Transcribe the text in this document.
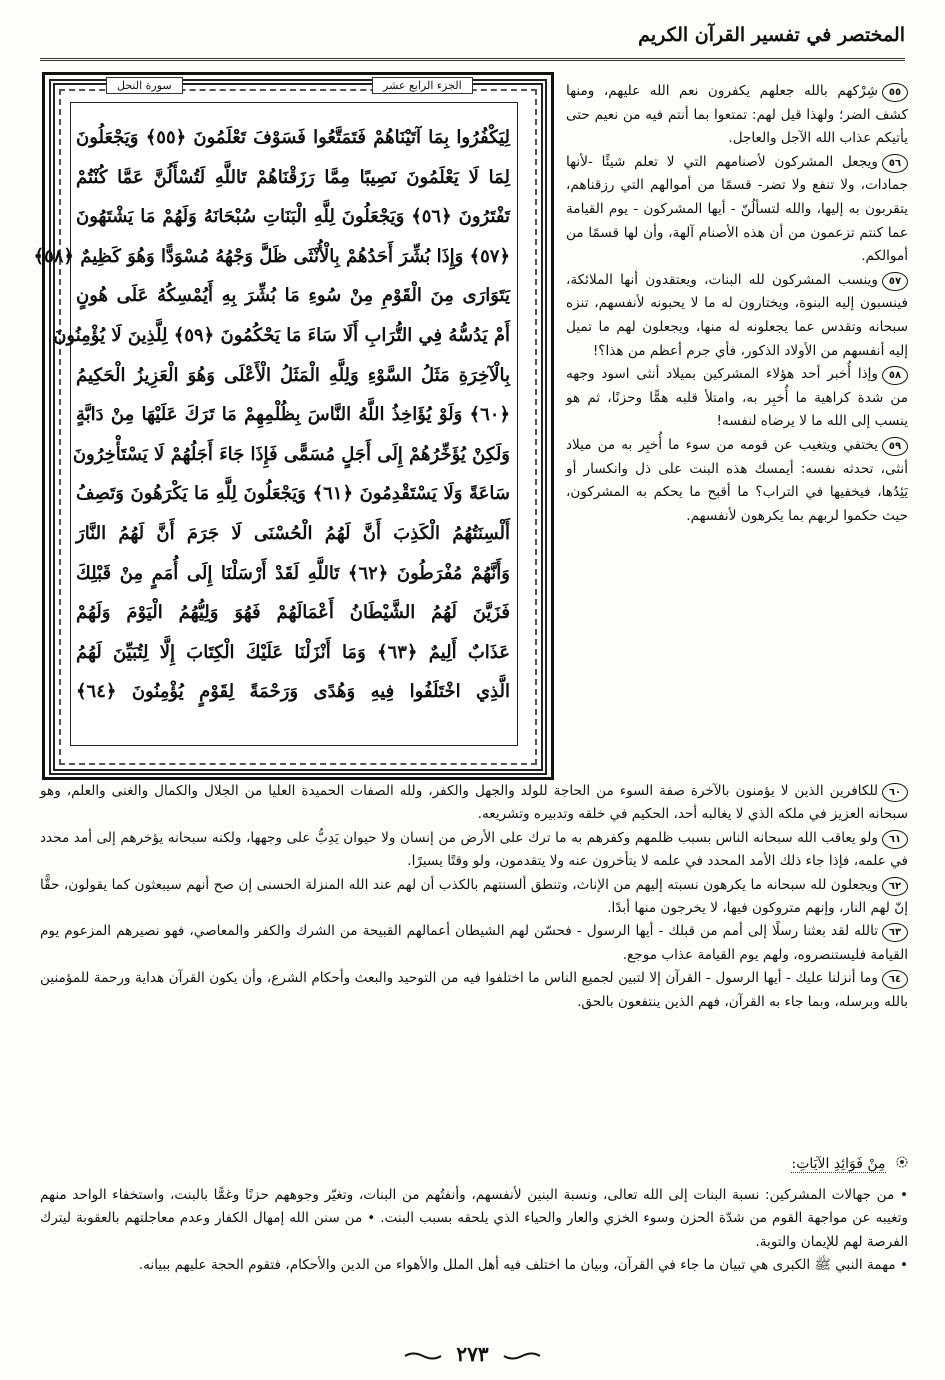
المختصر في تفسير القرآن الكريم
الجزء الرابع عشر
سورة النحل
لِيَكْفُرُوا بِمَا آتَيْنَاهُمْ فَتَمَتَّعُوا فَسَوْفَ تَعْلَمُونَ ﴿٥٥﴾ وَيَجْعَلُونَ
لِمَا لَا يَعْلَمُونَ نَصِيبًا مِمَّا رَزَقْنَاهُمْ تَاللَّهِ لَتُسْأَلُنَّ عَمَّا كُنْتُمْ
تَفْتَرُونَ ﴿٥٦﴾ وَيَجْعَلُونَ لِلَّهِ الْبَنَاتِ سُبْحَانَهُ وَلَهُمْ مَا يَشْتَهُونَ
﴿٥٧﴾ وَإِذَا بُشِّرَ أَحَدُهُمْ بِالْأُنْثَى ظَلَّ وَجْهُهُ مُسْوَدًّا وَهُوَ كَظِيمٌ ﴿٥٨﴾
يَتَوَارَى مِنَ الْقَوْمِ مِنْ سُوءِ مَا بُشِّرَ بِهِ أَيُمْسِكُهُ عَلَى هُونٍ
أَمْ يَدُسُّهُ فِي التُّرَابِ أَلَا سَاءَ مَا يَحْكُمُونَ ﴿٥٩﴾ لِلَّذِينَ لَا يُؤْمِنُونَ
بِالْآخِرَةِ مَثَلُ السَّوْءِ وَلِلَّهِ الْمَثَلُ الْأَعْلَى وَهُوَ الْعَزِيزُ الْحَكِيمُ
﴿٦٠﴾ وَلَوْ يُؤَاخِذُ اللَّهُ النَّاسَ بِظُلْمِهِمْ مَا تَرَكَ عَلَيْهَا مِنْ دَابَّةٍ
وَلَكِنْ يُؤَخِّرُهُمْ إِلَى أَجَلٍ مُسَمًّى فَإِذَا جَاءَ أَجَلُهُمْ لَا يَسْتَأْخِرُونَ
سَاعَةً وَلَا يَسْتَقْدِمُونَ ﴿٦١﴾ وَيَجْعَلُونَ لِلَّهِ مَا يَكْرَهُونَ وَتَصِفُ
أَلْسِنَتُهُمُ الْكَذِبَ أَنَّ لَهُمُ الْحُسْنَى لَا جَرَمَ أَنَّ لَهُمُ النَّارَ
وَأَنَّهُمْ مُفْرَطُونَ ﴿٦٢﴾ تَاللَّهِ لَقَدْ أَرْسَلْنَا إِلَى أُمَمٍ مِنْ قَبْلِكَ
فَزَيَّنَ لَهُمُ الشَّيْطَانُ أَعْمَالَهُمْ فَهُوَ وَلِيُّهُمُ الْيَوْمَ وَلَهُمْ
عَذَابٌ أَلِيمٌ ﴿٦٣﴾ وَمَا أَنْزَلْنَا عَلَيْكَ الْكِتَابَ إِلَّا لِتُبَيِّنَ لَهُمُ
الَّذِي اخْتَلَفُوا فِيهِ وَهُدًى وَرَحْمَةً لِقَوْمٍ يُؤْمِنُونَ ﴿٦٤﴾

٥٥شِرْكهم بالله جعلهم يكفرون نعم الله عليهم، ومنها كشف الضر؛ ولهذا قيل لهم: تمتعوا بما أنتم فيه من نعيم حتى يأتيكم عذاب الله الآجل والعاجل.

٥٦ويجعل المشركون لأصنامهم التي لا تعلم شيئًا -لأنها جمادات، ولا تنفع ولا تضر- قسمًا من أموالهم التي رزقناهم، يتقربون به إليها، والله لتسألُنّ - أيها المشركون - يوم القيامة عما كنتم تزعمون من أن هذه الأصنام آلهة، وأن لها قسمًا من أموالكم.

٥٧وينسب المشركون لله البنات، ويعتقدون أنها الملائكة، فينسبون إليه البنوة، ويختارون له ما لا يحبونه لأنفسهم، تنزه سبحانه وتقدس عما يجعلونه له منها، ويجعلون لهم ما تميل إليه أنفسهم من الأولاد الذكور، فأي جرم أعظم من هذا؟!

٥٨وإذا أُخبر أحد هؤلاء المشركين بميلاد أنثى اسود وجهه من شدة كراهية ما أُخبِر به، وامتلأ قلبه همًّا وحزنًا، ثم هو ينسب إلى الله ما لا يرضاه لنفسه!

٥٩يختفي ويتغيب عن قومه من سوء ما أُخبِر به من ميلاد أنثى، تحدثه نفسه: أيمسك هذه البنت على ذل وانكسار أو يَئِدُها، فيخفيها في التراب؟ ما أقبح ما يحكم به المشركون، حيث حكموا لربهم بما يكرهون لأنفسهم.

٦٠للكافرين الذين لا يؤمنون بالآخرة صفة السوء من الحاجة للولد والجهل والكفر، ولله الصفات الحميدة العليا من الجلال والكمال والغنى والعلم، وهو سبحانه العزيز في ملكه الذي لا يغالبه أحد، الحكيم في خلقه وتدبيره وتشريعه.

٦١ولو يعاقب الله سبحانه الناس بسبب ظلمهم وكفرهم به ما ترك على الأرض من إنسان ولا حيوان يَدِبُّ على وجهها، ولكنه سبحانه يؤخرهم إلى أمد محدد في علمه، فإذا جاء ذلك الأمد المحدد في علمه لا يتأخرون عنه ولا يتقدمون، ولو وقتًا يسيرًا.

٦٢ويجعلون لله سبحانه ما يكرهون نسبته إليهم من الإناث، وتنطق ألسنتهم بالكذب أن لهم عند الله المنزلة الحسنى إن صح أنهم سيبعثون كما يقولون، حقًّا إنّ لهم النار، وإنهم متروكون فيها، لا يخرجون منها أبدًا.

٦٣تالله لقد بعثنا رسلًا إلى أمم من قبلك - أيها الرسول - فحسّن لهم الشيطان أعمالهم القبيحة من الشرك والكفر والمعاصي، فهو نصيرهم المزعوم يوم القيامة فليستنصروه، ولهم يوم القيامة عذاب موجع.

٦٤وما أنزلنا عليك - أيها الرسول - القرآن إلا لتبين لجميع الناس ما اختلفوا فيه من التوحيد والبعث وأحكام الشرع، وأن يكون القرآن هداية ورحمة للمؤمنين بالله وبرسله، وبما جاء به القرآن، فهم الذين ينتفعون بالحق.

مِنْ فَوَائِدِ الآيَاتِ:

• من جهالات المشركين: نسبة البنات إلى الله تعالى، ونسبة البنين لأنفسهم، وأنفتُهم من البنات، وتغيّر وجوههم حزنًا وغمًّا بالبنت، واستخفاء الواحد منهم وتغيبه عن مواجهة القوم من شدّة الحزن وسوء الخزي والعار والحياء الذي يلحقه بسبب البنت. • من سنن الله إمهال الكفار وعدم معاجلتهم بالعقوبة ليترك الفرصة لهم للإيمان والتوبة.

• مهمة النبي ﷺ الكبرى هي تبيان ما جاء في القرآن، وبيان ما اختلف فيه أهل الملل والأهواء من الدين والأحكام، فتقوم الحجة عليهم ببيانه.

٢٧٣
